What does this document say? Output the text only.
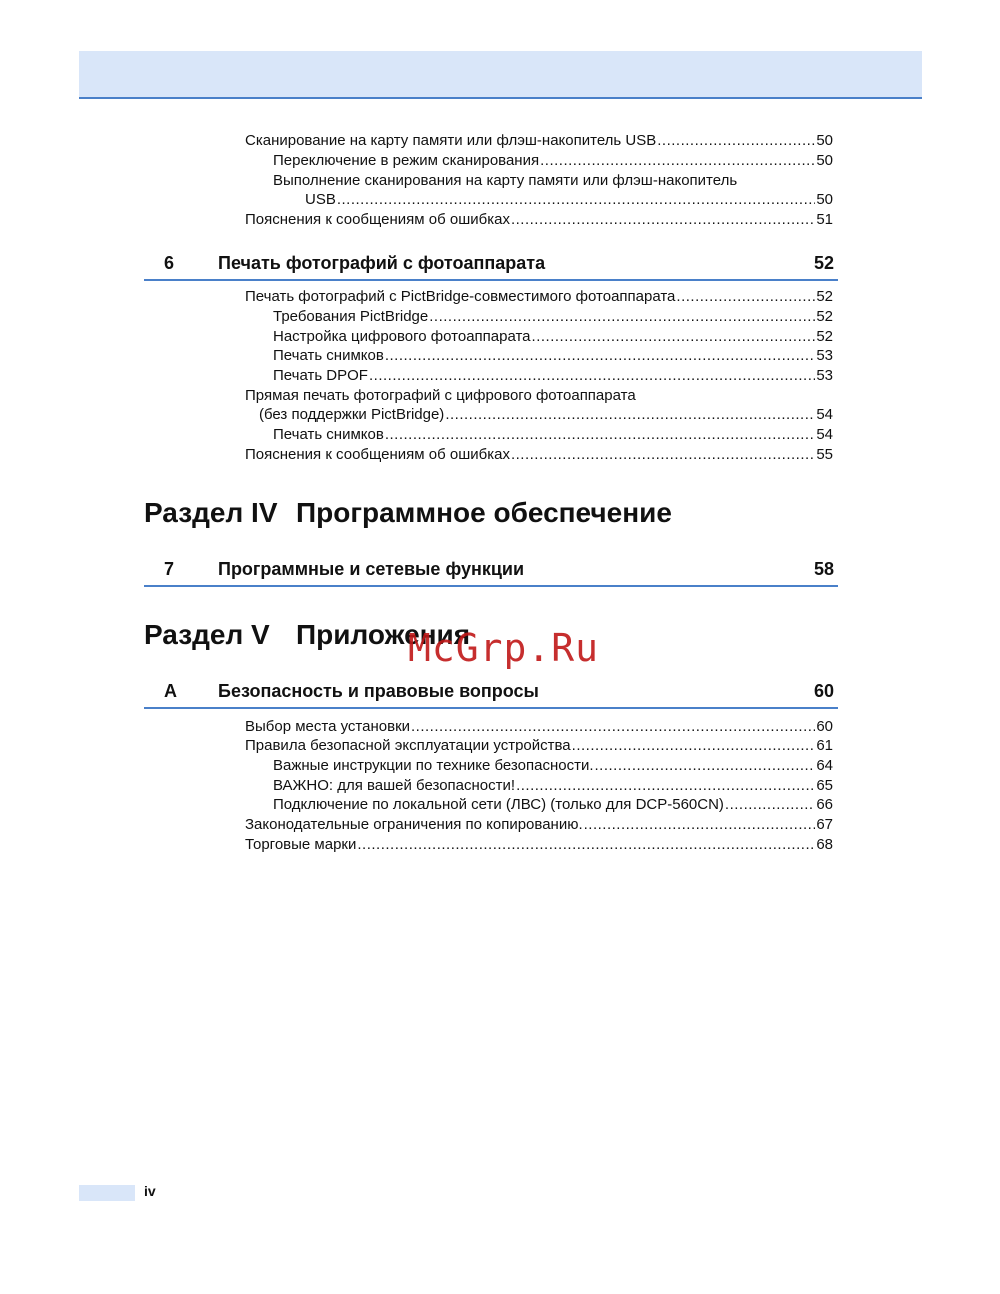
Сканирование на карту памяти или флэш-накопитель USB .....	50
Переключение в режим сканирования .....	50
Выполнение сканирования на карту памяти или флэш-накопитель
USB .....	50
Пояснения к сообщениям об ошибках .....	51
6 Печать фотографий с фотоаппарата	52
Печать фотографий с PictBridge-совместимого фотоаппарата .....	52
Требования PictBridge .....	52
Настройка цифрового фотоаппарата .....	52
Печать снимков .....	53
Печать DPOF .....	53
Прямая печать фотографий с цифрового фотоаппарата
(без поддержки PictBridge) .....	54
Печать снимков .....	54
Пояснения к сообщениям об ошибках .....	55
Раздел IV Программное обеспечение
7 Программные и сетевые функции	58
Раздел V Приложения
McGrp.Ru
A Безопасность и правовые вопросы	60
Выбор места установки .....	60
Правила безопасной эксплуатации устройства .....	61
Важные инструкции по технике безопасности. .....	64
ВАЖНО: для вашей безопасности! .....	65
Подключение по локальной сети (ЛВС) (только для DCP-560CN) .....	66
Законодательные ограничения по копированию. .....	67
Торговые марки .....	68
iv
